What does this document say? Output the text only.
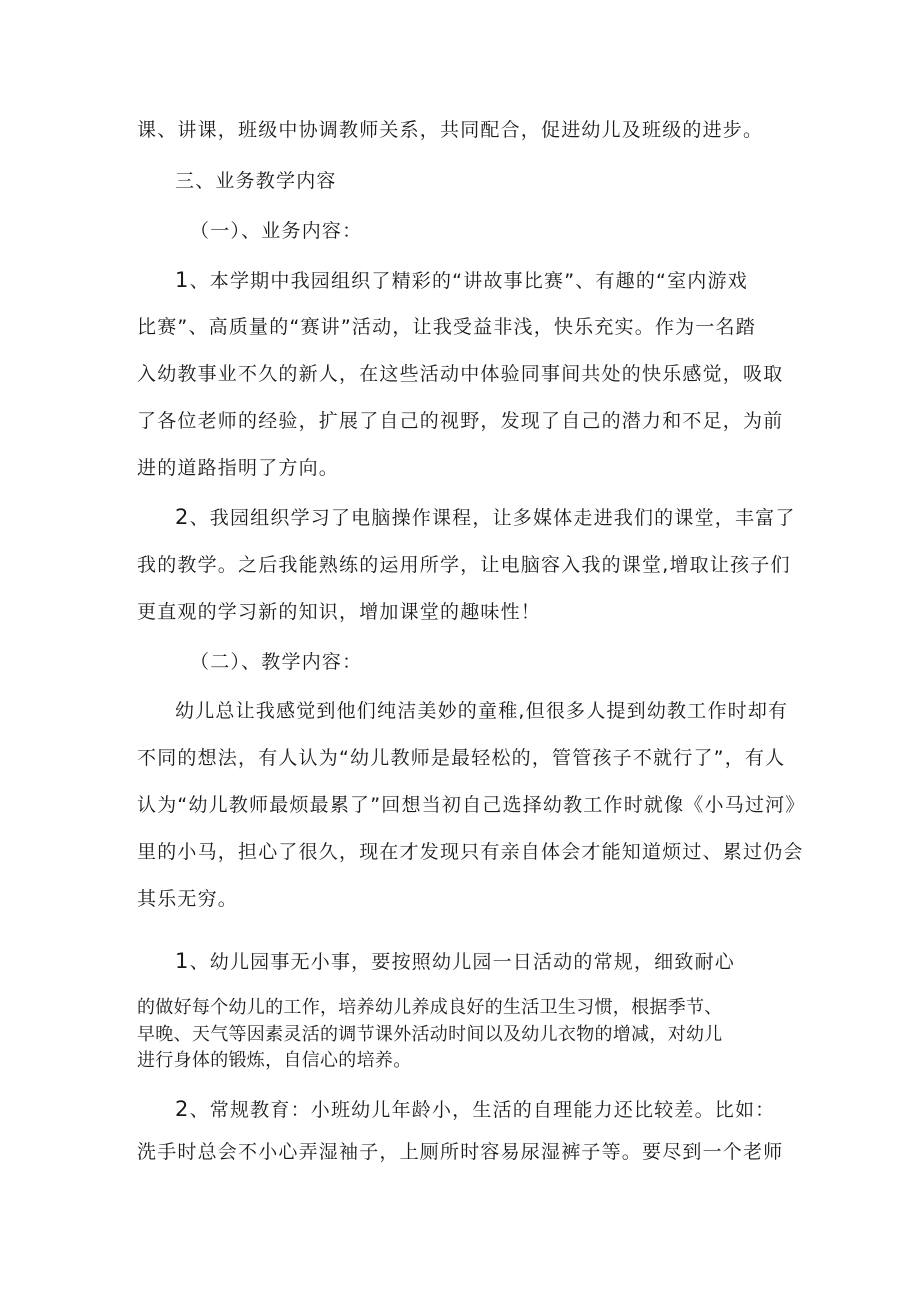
课、讲课，班级中协调教师关系，共同配合，促进幼儿及班级的进步。
三、业务教学内容
（一）、业务内容：
1、本学期中我园组织了精彩的“讲故事比赛”、有趣的“室内游戏
比赛”、高质量的“赛讲”活动，让我受益非浅，快乐充实。作为一名踏
入幼教事业不久的新人，在这些活动中体验同事间共处的快乐感觉，吸取
了各位老师的经验，扩展了自己的视野，发现了自己的潜力和不足，为前
进的道路指明了方向。
2、我园组织学习了电脑操作课程，让多媒体走进我们的课堂，丰富了
我的教学。之后我能熟练的运用所学，让电脑容入我的课堂,增取让孩子们
更直观的学习新的知识，增加课堂的趣味性！
（二）、教学内容：
幼儿总让我感觉到他们纯洁美妙的童稚,但很多人提到幼教工作时却有
不同的想法，有人认为“幼儿教师是最轻松的，管管孩子不就行了”，有人
认为“幼儿教师最烦最累了”回想当初自己选择幼教工作时就像《小马过河》
里的小马，担心了很久，现在才发现只有亲自体会才能知道烦过、累过仍会
其乐无穷。
1、幼儿园事无小事，要按照幼儿园一日活动的常规，细致耐心
的做好每个幼儿的工作，培养幼儿养成良好的生活卫生习惯，根据季节、
早晚、天气等因素灵活的调节课外活动时间以及幼儿衣物的增减，对幼儿
进行身体的锻炼，自信心的培养。
2、常规教育：小班幼儿年龄小，生活的自理能力还比较差。比如：
洗手时总会不小心弄湿袖子，上厕所时容易尿湿裤子等。要尽到一个老师
